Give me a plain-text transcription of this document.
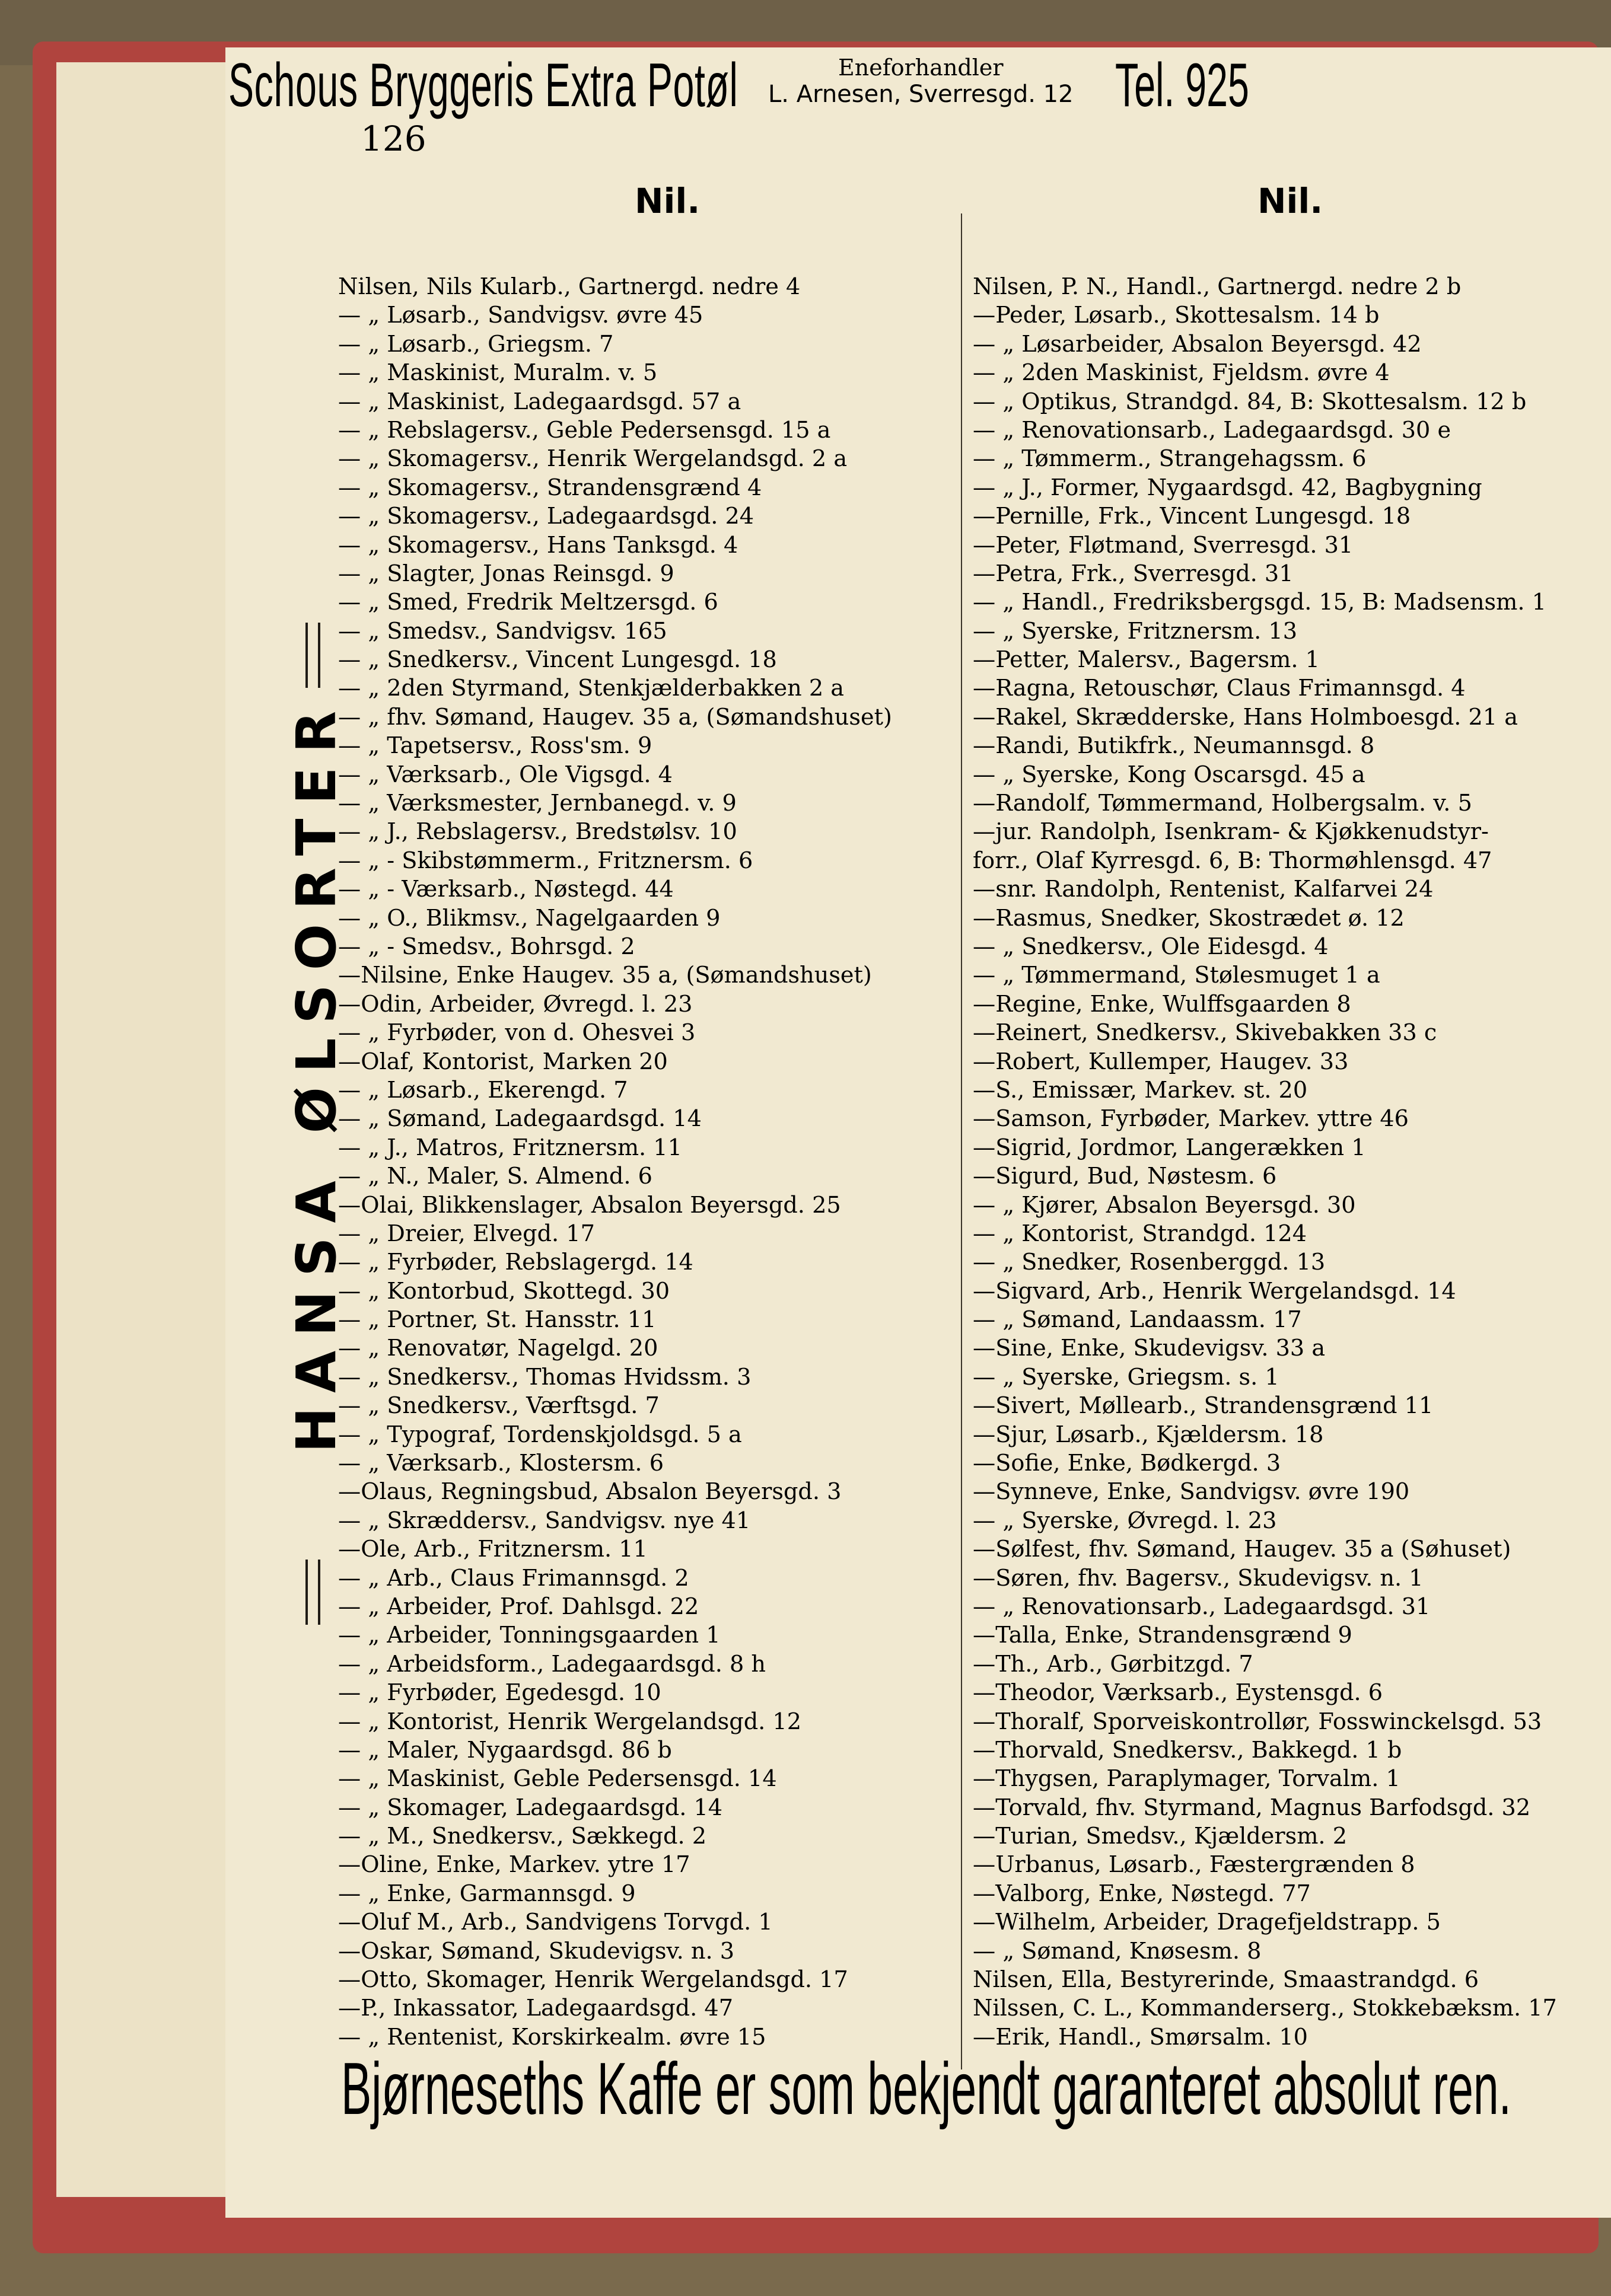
Schous Bryggeris Extra Potøl	Eneforhandler
L. Arnesen, Sverresgd. 12 Tel. 925
126
Nil.	Nil.
HANSA ØLSORTER
Nilsen, Nils Kularb., Gartnergd. nedre 4
— „ Løsarb., Sandvigsv. øvre 45
— „ Løsarb., Griegsm. 7
— „ Maskinist, Muralm. v. 5
— „ Maskinist, Ladegaardsgd. 57 a
— „ Rebslagersv., Geble Pedersensgd. 15 a
— „ Skomagersv., Henrik Wergelandsgd. 2 a
— „ Skomagersv., Strandensgrænd 4
— „ Skomagersv., Ladegaardsgd. 24
— „ Skomagersv., Hans Tanksgd. 4
— „ Slagter, Jonas Reinsgd. 9
— „ Smed, Fredrik Meltzersgd. 6
— „ Smedsv., Sandvigsv. 165
— „ Snedkersv., Vincent Lungesgd. 18
— „ 2den Styrmand, Stenkjælderbakken 2 a
— „ fhv. Sømand, Haugev. 35 a, (Sømandshuset)
— „ Tapetsersv., Ross'sm. 9
— „ Værksarb., Ole Vigsgd. 4
— „ Værksmester, Jernbanegd. v. 9
— „ J., Rebslagersv., Bredstølsv. 10
— „ - Skibstømmerm., Fritznersm. 6
— „ - Værksarb., Nøstegd. 44
— „ O., Blikmsv., Nagelgaarden 9
— „ - Smedsv., Bohrsgd. 2
—Nilsine, Enke Haugev. 35 a, (Sømandshuset)
—Odin, Arbeider, Øvregd. l. 23
— „ Fyrbøder, von d. Ohesvei 3
—Olaf, Kontorist, Marken 20
— „ Løsarb., Ekerengd. 7
— „ Sømand, Ladegaardsgd. 14
— „ J., Matros, Fritznersm. 11
— „ N., Maler, S. Almend. 6
—Olai, Blikkenslager, Absalon Beyersgd. 25
— „ Dreier, Elvegd. 17
— „ Fyrbøder, Rebslagergd. 14
— „ Kontorbud, Skottegd. 30
— „ Portner, St. Hansstr. 11
— „ Renovatør, Nagelgd. 20
— „ Snedkersv., Thomas Hvidssm. 3
— „ Snedkersv., Værftsgd. 7
— „ Typograf, Tordenskjoldsgd. 5 a
— „ Værksarb., Klostersm. 6
—Olaus, Regningsbud, Absalon Beyersgd. 3
— „ Skræddersv., Sandvigsv. nye 41
—Ole, Arb., Fritznersm. 11
— „ Arb., Claus Frimannsgd. 2
— „ Arbeider, Prof. Dahlsgd. 22
— „ Arbeider, Tonningsgaarden 1
— „ Arbeidsform., Ladegaardsgd. 8 h
— „ Fyrbøder, Egedesgd. 10
— „ Kontorist, Henrik Wergelandsgd. 12
— „ Maler, Nygaardsgd. 86 b
— „ Maskinist, Geble Pedersensgd. 14
— „ Skomager, Ladegaardsgd. 14
— „ M., Snedkersv., Sækkegd. 2
—Oline, Enke, Markev. ytre 17
— „ Enke, Garmannsgd. 9
—Oluf M., Arb., Sandvigens Torvgd. 1
—Oskar, Sømand, Skudevigsv. n. 3
—Otto, Skomager, Henrik Wergelandsgd. 17
—P., Inkassator, Ladegaardsgd. 47
— „ Rentenist, Korskirkealm. øvre 15
Nilsen, P. N., Handl., Gartnergd. nedre 2 b
—Peder, Løsarb., Skottesalsm. 14 b
— „ Løsarbeider, Absalon Beyersgd. 42
— „ 2den Maskinist, Fjeldsm. øvre 4
— „ Optikus, Strandgd. 84, B: Skottesalsm. 12 b
— „ Renovationsarb., Ladegaardsgd. 30 e
— „ Tømmerm., Strangehagssm. 6
— „ J., Former, Nygaardsgd. 42, Bagbygning
—Pernille, Frk., Vincent Lungesgd. 18
—Peter, Fløtmand, Sverresgd. 31
—Petra, Frk., Sverresgd. 31
— „ Handl., Fredriksbergsgd. 15, B: Madsensm. 1
— „ Syerske, Fritznersm. 13
—Petter, Malersv., Bagersm. 1
—Ragna, Retouschør, Claus Frimannsgd. 4
—Rakel, Skrædderske, Hans Holmboesgd. 21 a
—Randi, Butikfrk., Neumannsgd. 8
— „ Syerske, Kong Oscarsgd. 45 a
—Randolf, Tømmermand, Holbergsalm. v. 5
—jur. Randolph, Isenkram- & Kjøkkenudstyr-
forr., Olaf Kyrresgd. 6, B: Thormøhlensgd. 47
—snr. Randolph, Rentenist, Kalfarvei 24
—Rasmus, Snedker, Skostrædet ø. 12
— „ Snedkersv., Ole Eidesgd. 4
— „ Tømmermand, Stølesmuget 1 a
—Regine, Enke, Wulffsgaarden 8
—Reinert, Snedkersv., Skivebakken 33 c
—Robert, Kullemper, Haugev. 33
—S., Emissær, Markev. st. 20
—Samson, Fyrbøder, Markev. yttre 46
—Sigrid, Jordmor, Langerækken 1
—Sigurd, Bud, Nøstesm. 6
— „ Kjører, Absalon Beyersgd. 30
— „ Kontorist, Strandgd. 124
— „ Snedker, Rosenberggd. 13
—Sigvard, Arb., Henrik Wergelandsgd. 14
— „ Sømand, Landaassm. 17
—Sine, Enke, Skudevigsv. 33 a
— „ Syerske, Griegsm. s. 1
—Sivert, Møllearb., Strandensgrænd 11
—Sjur, Løsarb., Kjældersm. 18
—Sofie, Enke, Bødkergd. 3
—Synneve, Enke, Sandvigsv. øvre 190
— „ Syerske, Øvregd. l. 23
—Sølfest, fhv. Sømand, Haugev. 35 a (Søhuset)
—Søren, fhv. Bagersv., Skudevigsv. n. 1
— „ Renovationsarb., Ladegaardsgd. 31
—Talla, Enke, Strandensgrænd 9
—Th., Arb., Gørbitzgd. 7
—Theodor, Værksarb., Eystensgd. 6
—Thoralf, Sporveiskontrollør, Fosswinckelsgd. 53
—Thorvald, Snedkersv., Bakkegd. 1 b
—Thygsen, Paraplymager, Torvalm. 1
—Torvald, fhv. Styrmand, Magnus Barfodsgd. 32
—Turian, Smedsv., Kjældersm. 2
—Urbanus, Løsarb., Fæstergrænden 8
—Valborg, Enke, Nøstegd. 77
—Wilhelm, Arbeider, Dragefjeldstrapp. 5
— „ Sømand, Knøsesm. 8
Nilsen, Ella, Bestyrerinde, Smaastrandgd. 6
Nilssen, C. L., Kommanderserg., Stokkebæksm. 17
—Erik, Handl., Smørsalm. 10
Bjørneseths Kaffe er som bekjendt garanteret absolut ren.
